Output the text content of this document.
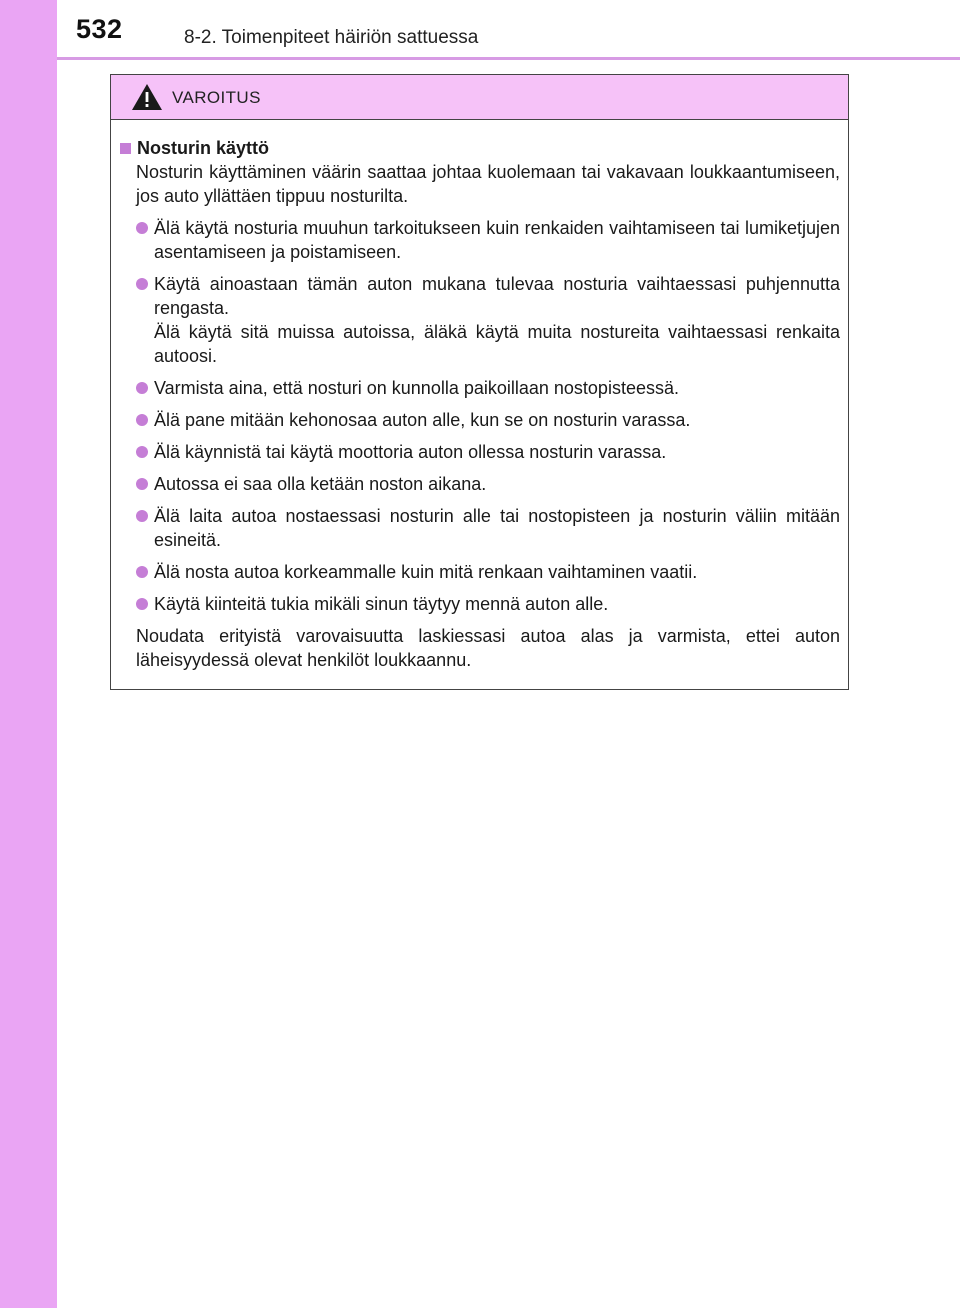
532	8-2. Toimenpiteet häiriön sattuessa
VAROITUS
Nosturin käyttö
Nosturin käyttäminen väärin saattaa johtaa kuolemaan tai vakavaan loukkaantumiseen, jos auto yllättäen tippuu nosturilta.
Älä käytä nosturia muuhun tarkoitukseen kuin renkaiden vaihtamiseen tai lumiketjujen asentamiseen ja poistamiseen.
Käytä ainoastaan tämän auton mukana tulevaa nosturia vaihtaessasi puhjennutta rengasta.
Älä käytä sitä muissa autoissa, äläkä käytä muita nostureita vaihtaessasi renkaita autoosi.
Varmista aina, että nosturi on kunnolla paikoillaan nostopisteessä.
Älä pane mitään kehonosaa auton alle, kun se on nosturin varassa.
Älä käynnistä tai käytä moottoria auton ollessa nosturin varassa.
Autossa ei saa olla ketään noston aikana.
Älä laita autoa nostaessasi nosturin alle tai nostopisteen ja nosturin väliin mitään esineitä.
Älä nosta autoa korkeammalle kuin mitä renkaan vaihtaminen vaatii.
Käytä kiinteitä tukia mikäli sinun täytyy mennä auton alle.
Noudata erityistä varovaisuutta laskiessasi autoa alas ja varmista, ettei auton läheisyydessä olevat henkilöt loukkaannu.
